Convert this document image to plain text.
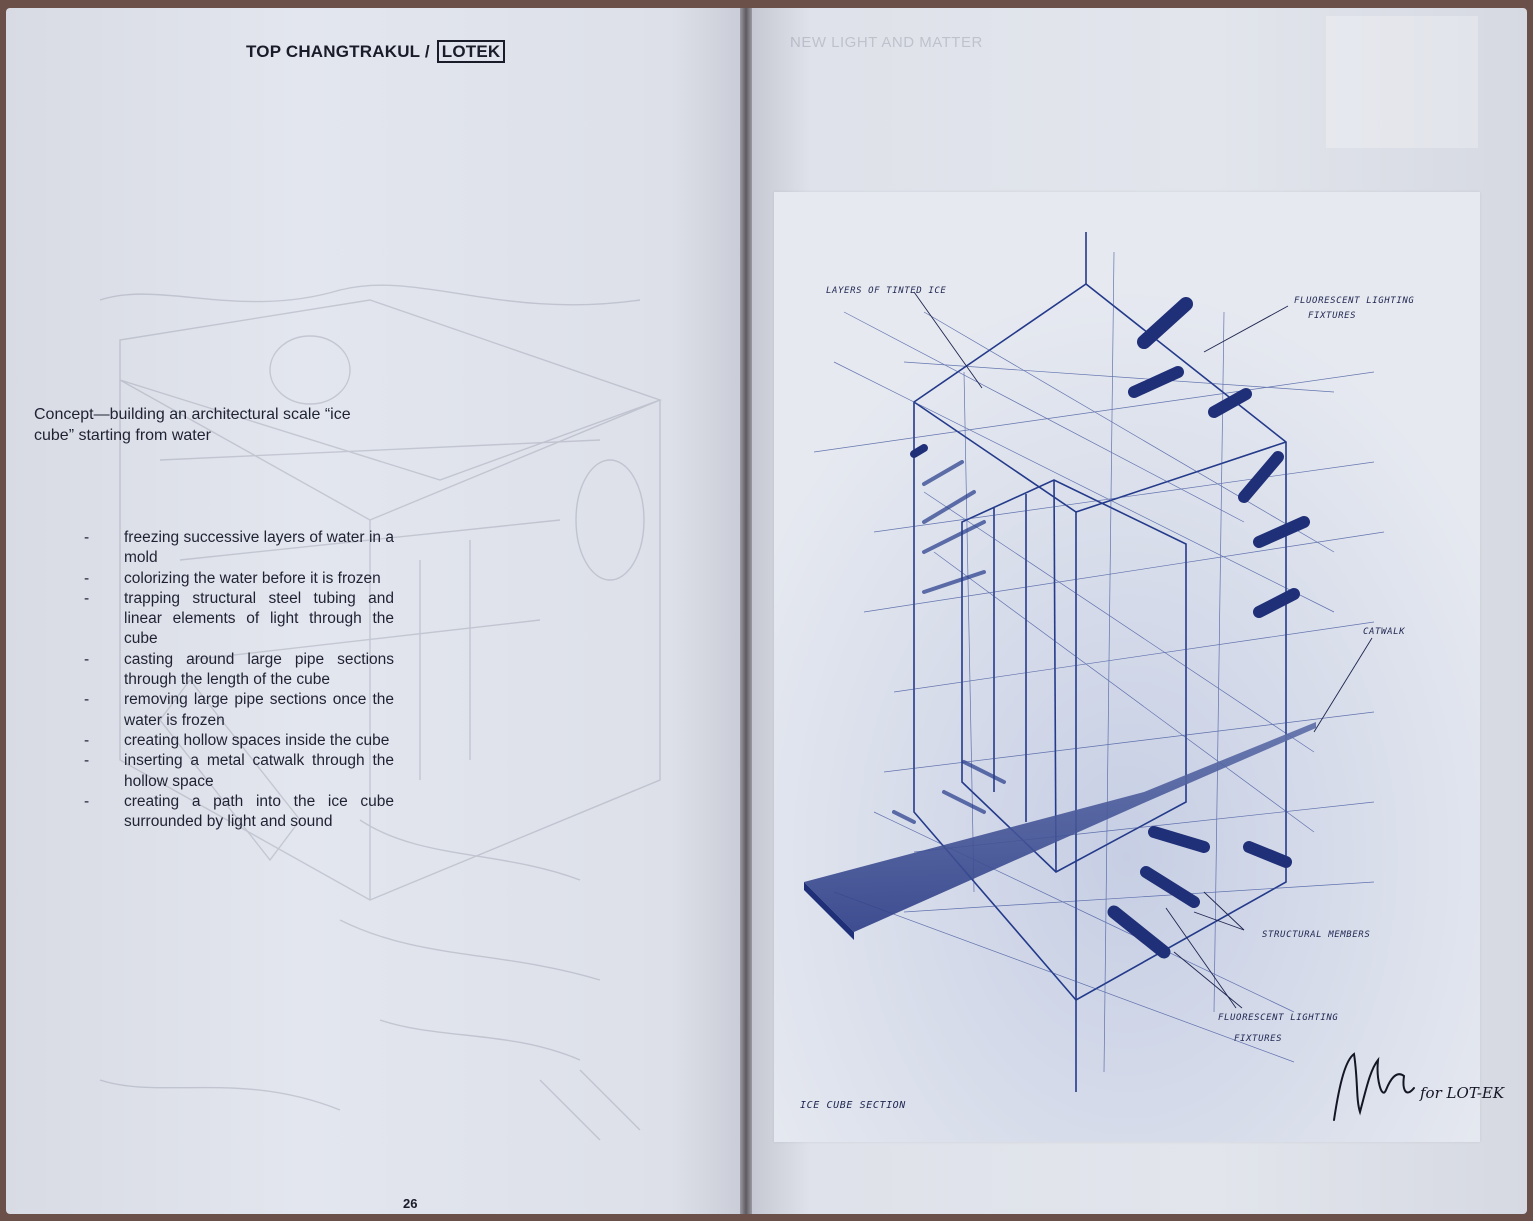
TOP CHANGTRAKUL / LOTEK
Concept—building an architectural scale “ice cube” starting from water
- freezing successive layers of water in a mold
- colorizing the water before it is frozen
- trapping structural steel tubing and linear elements of light through the cube
- casting around large pipe sections through the length of the cube
- removing large pipe sections once the water is frozen
- creating hollow spaces inside the cube
- inserting a metal catwalk through the hollow space
- creating a path into the ice cube surrounded by light and sound
26
NEW LIGHT AND MATTER
LAYERS OF TINTED ICE
FLUORESCENT LIGHTING
FIXTURES
CATWALK
STRUCTURAL MEMBERS
FLUORESCENT LIGHTING
FIXTURES
ICE CUBE SECTION
for LOT-EK
